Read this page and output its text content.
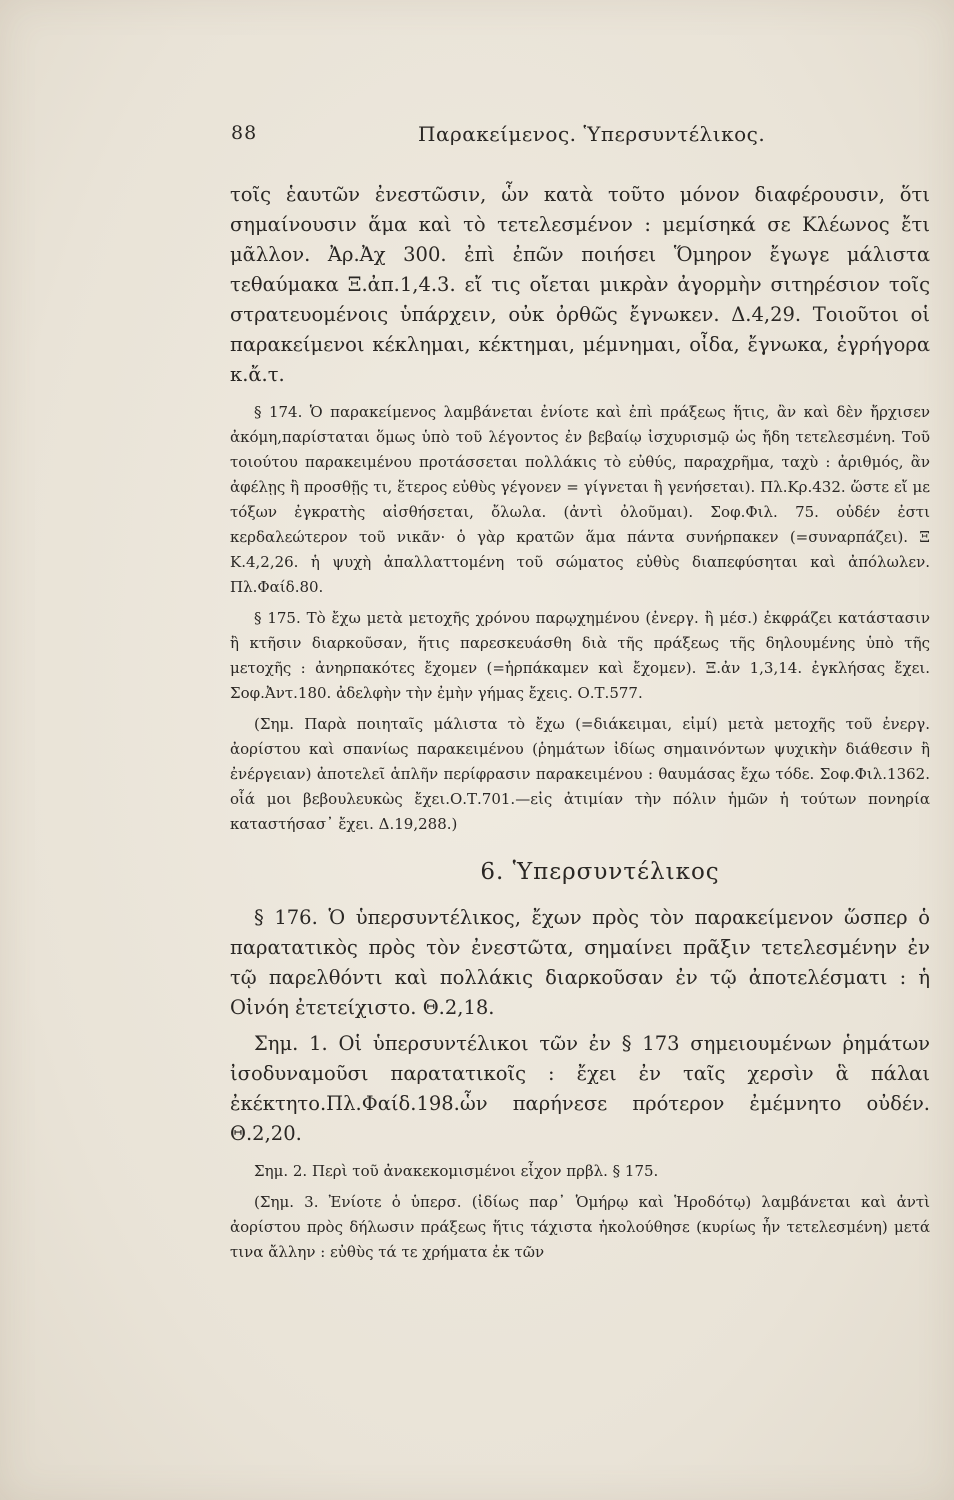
88	Παρακείμενος. Ὑπερσυντέλικος.

τοῖς ἑαυτῶν ἐνεστῶσιν, ὧν κατὰ τοῦτο μόνον διαφέρουσιν, ὅτι σημαίνουσιν ἅμα καὶ τὸ τετελεσμένον : μεμίσηκά σε Κλέωνος ἔτι μᾶλλον. Ἀρ.Ἀχ 300. ἐπὶ ἐπῶν ποιήσει Ὅμηρον ἔγωγε μάλιστα τεθαύμακα Ξ.ἀπ.1,4.3. εἴ τις οἴεται μικρὰν ἀγορμὴν σιτηρέσιον τοῖς στρατευομένοις ὑπάρχειν, οὐκ ὀρθῶς ἔγνωκεν. Δ.4,29. Τοιοῦτοι οἱ παρακείμενοι κέκλημαι, κέκτημαι, μέμνημαι, οἶδα, ἔγνωκα, ἐγρήγορα κ.ἄ.τ.

§ 174. Ὁ παρακείμενος λαμβάνεται ἐνίοτε καὶ ἐπὶ πράξεως ἥτις, ἂν καὶ δὲν ἤρχισεν ἀκόμη,παρίσταται ὅμως ὑπὸ τοῦ λέγοντος ἐν βεβαίῳ ἰσχυρισμῷ ὡς ἤδη τετελεσμένη. Τοῦ τοιούτου παρακειμένου προτάσσεται πολλάκις τὸ εὐθύς, παραχρῆμα, ταχὺ : ἀριθμός, ἂν ἀφέλῃς ἢ προσθῇς τι, ἕτερος εὐθὺς γέγονεν = γίγνεται ἢ γενήσεται). Πλ.Κρ.432. ὥστε εἴ με τόξων ἐγκρατὴς αἰσθήσεται, ὄλωλα. (ἀντὶ ὀλοῦμαι). Σοφ.Φιλ. 75. οὐδέν ἐστι κερδαλεώτερον τοῦ νικᾶν· ὁ γὰρ κρατῶν ἅμα πάντα συνήρπακεν (=συναρπάζει). Ξ Κ.4,2,26. ἡ ψυχὴ ἀπαλλαττομένη τοῦ σώματος εὐθὺς διαπεφύσηται καὶ ἀπόλωλεν. Πλ.Φαίδ.80.

§ 175. Τὸ ἔχω μετὰ μετοχῆς χρόνου παρῳχημένου (ἐνεργ. ἢ μέσ.) ἐκφράζει κατάστασιν ἢ κτῆσιν διαρκοῦσαν, ἥτις παρεσκευάσθη διὰ τῆς πράξεως τῆς δηλουμένης ὑπὸ τῆς μετοχῆς : ἀνηρπακότες ἔχομεν (=ἡρπάκαμεν καὶ ἔχομεν). Ξ.ἀν 1,3,14. ἐγκλήσας ἔχει. Σοφ.Ἀντ.180. ἀδελφὴν τὴν ἐμὴν γήμας ἔχεις. Ο.Τ.577.

(Σημ. Παρὰ ποιηταῖς μάλιστα τὸ ἔχω (=διάκειμαι, εἰμί) μετὰ μετοχῆς τοῦ ἐνεργ. ἀορίστου καὶ σπανίως παρακειμένου (ῥημάτων ἰδίως σημαινόντων ψυχικὴν διάθεσιν ἢ ἐνέργειαν) ἀποτελεῖ ἁπλῆν περίφρασιν παρακειμένου : θαυμάσας ἔχω τόδε. Σοφ.Φιλ.1362. οἷά μοι βεβουλευκὼς ἔχει.Ο.Τ.701.—εἰς ἀτιμίαν τὴν πόλιν ἡμῶν ἡ τούτων πονηρία καταστήσασ᾽ ἔχει. Δ.19,288.)

6. Ὑπερσυντέλικος

§ 176. Ὁ ὑπερσυντέλικος, ἔχων πρὸς τὸν παρακείμενον ὥσπερ ὁ παρατατικὸς πρὸς τὸν ἐνεστῶτα, σημαίνει πρᾶξιν τετελεσμένην ἐν τῷ παρελθόντι καὶ πολλάκις διαρκοῦσαν ἐν τῷ ἀποτελέσματι : ἡ Οἰνόη ἐτετείχιστο. Θ.2,18.

Σημ. 1. Οἱ ὑπερσυντέλικοι τῶν ἐν § 173 σημειουμένων ῥημάτων ἰσοδυναμοῦσι παρατατικοῖς : ἔχει ἐν ταῖς χερσὶν ἃ πάλαι ἐκέκτητο.Πλ.Φαίδ.198.ὧν παρήνεσε πρότερον ἐμέμνητο οὐδέν. Θ.2,20.

Σημ. 2. Περὶ τοῦ ἀνακεκομισμένοι εἶχον πρβλ. § 175.

(Σημ. 3. Ἐνίοτε ὁ ὑπερσ. (ἰδίως παρ᾽ Ὁμήρῳ καὶ Ἡροδότῳ) λαμβάνεται καὶ ἀντὶ ἀορίστου πρὸς δήλωσιν πράξεως ἥτις τάχιστα ἠκολούθησε (κυρίως ἦν τετελεσμένη) μετά τινα ἄλλην : εὐθὺς τά τε χρήματα ἐκ τῶν
